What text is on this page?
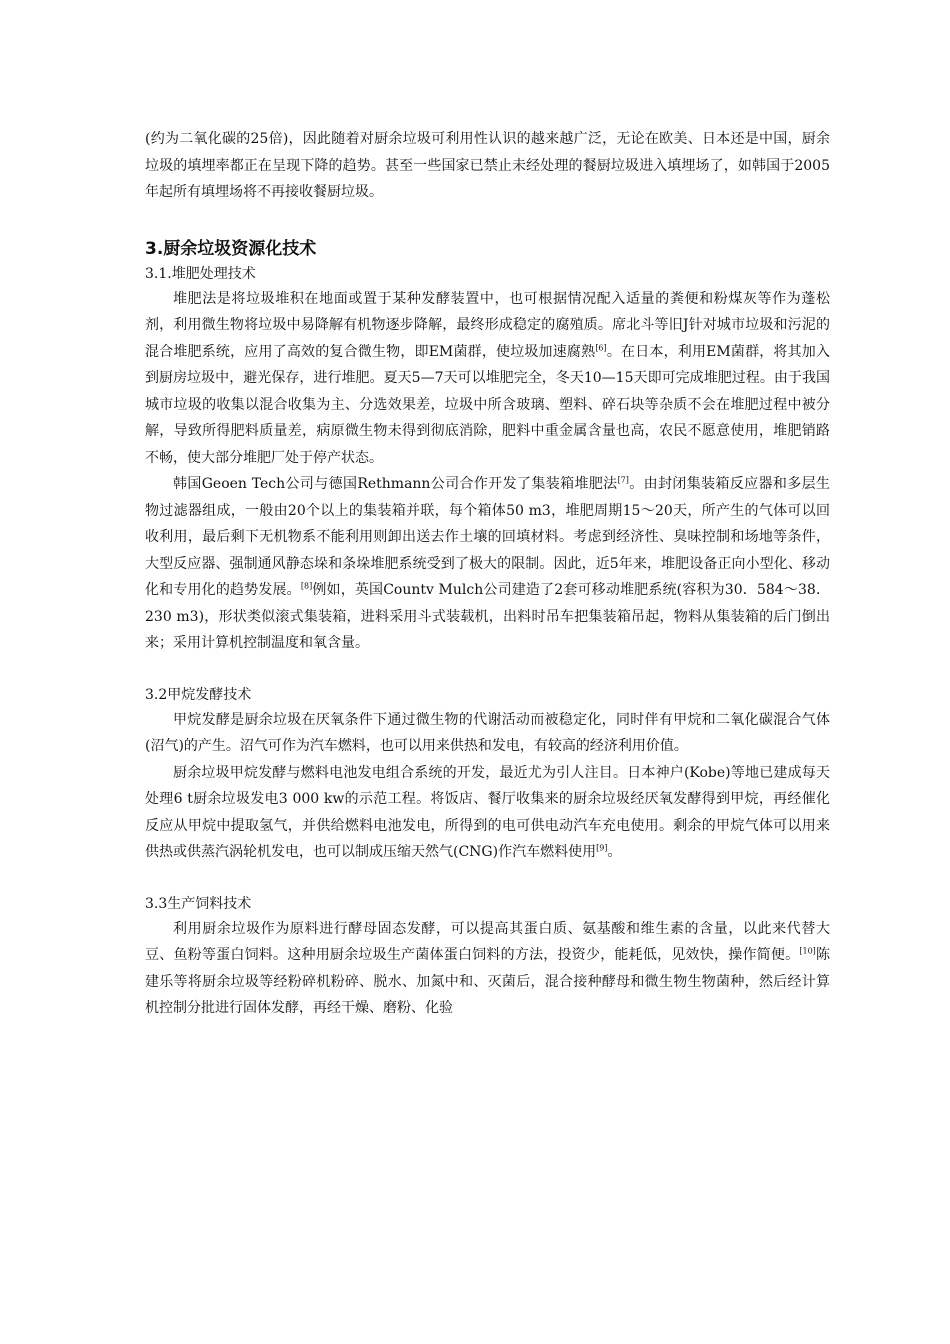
(约为二氧化碳的25倍)，因此随着对厨余垃圾可利用性认识的越来越广泛，无论在欧美、日本还是中国，厨余垃圾的填埋率都正在呈现下降的趋势。甚至一些国家已禁止未经处理的餐厨垃圾进入填埋场了，如韩国于2005年起所有填埋场将不再接收餐厨垃圾。

3.厨余垃圾资源化技术
3.1.堆肥处理技术

堆肥法是将垃圾堆积在地面或置于某种发酵装置中，也可根据情况配入适量的粪便和粉煤灰等作为蓬松剂，利用微生物将垃圾中易降解有机物逐步降解，最终形成稳定的腐殖质。席北斗等旧J针对城市垃圾和污泥的混合堆肥系统，应用了高效的复合微生物，即EM菌群，使垃圾加速腐熟[6]。在日本，利用EM菌群，将其加入到厨房垃圾中，避光保存，进行堆肥。夏天5—7天可以堆肥完全，冬天10—15天即可完成堆肥过程。由于我国城市垃圾的收集以混合收集为主、分选效果差，垃圾中所含玻璃、塑料、碎石块等杂质不会在堆肥过程中被分解，导致所得肥料质量差，病原微生物未得到彻底消除，肥料中重金属含量也高，农民不愿意使用，堆肥销路不畅，使大部分堆肥厂处于停产状态。

韩国Geoen Tech公司与德国Rethmann公司合作开发了集装箱堆肥法[7]。由封闭集装箱反应器和多层生物过滤器组成，一般由20个以上的集装箱并联，每个箱体50 m3，堆肥周期15～20天，所产生的气体可以回收利用，最后剩下无机物系不能利用则卸出送去作土壤的回填材料。考虑到经济性、臭味控制和场地等条件，大型反应器、强制通风静态垛和条垛堆肥系统受到了极大的限制。因此，近5年来，堆肥设备正向小型化、移动化和专用化的趋势发展。[8]例如，英国Countv Mulch公司建造了2套可移动堆肥系统(容积为30．584～38．230 m3)，形状类似滚式集装箱，进料采用斗式装载机，出料时吊车把集装箱吊起，物料从集装箱的后门倒出来；采用计算机控制温度和氧含量。

3.2甲烷发酵技术

甲烷发酵是厨余垃圾在厌氧条件下通过微生物的代谢活动而被稳定化，同时伴有甲烷和二氧化碳混合气体(沼气)的产生。沼气可作为汽车燃料，也可以用来供热和发电，有较高的经济利用价值。

厨余垃圾甲烷发酵与燃料电池发电组合系统的开发，最近尤为引人注目。日本神户(Kobe)等地已建成每天处理6 t厨余垃圾发电3 000 kw的示范工程。将饭店、餐厅收集来的厨余垃圾经厌氧发酵得到甲烷，再经催化反应从甲烷中提取氢气，并供给燃料电池发电，所得到的电可供电动汽车充电使用。剩余的甲烷气体可以用来供热或供蒸汽涡轮机发电，也可以制成压缩天然气(CNG)作汽车燃料使用[9]。

3.3生产饲料技术

利用厨余垃圾作为原料进行酵母固态发酵，可以提高其蛋白质、氨基酸和维生素的含量，以此来代替大豆、鱼粉等蛋白饲料。这种用厨余垃圾生产菌体蛋白饲料的方法，投资少，能耗低，见效快，操作简便。[10]陈建乐等将厨余垃圾等经粉碎机粉碎、脱水、加氮中和、灭菌后，混合接种酵母和微生物生物菌种，然后经计算机控制分批进行固体发酵，再经干燥、磨粉、化验
